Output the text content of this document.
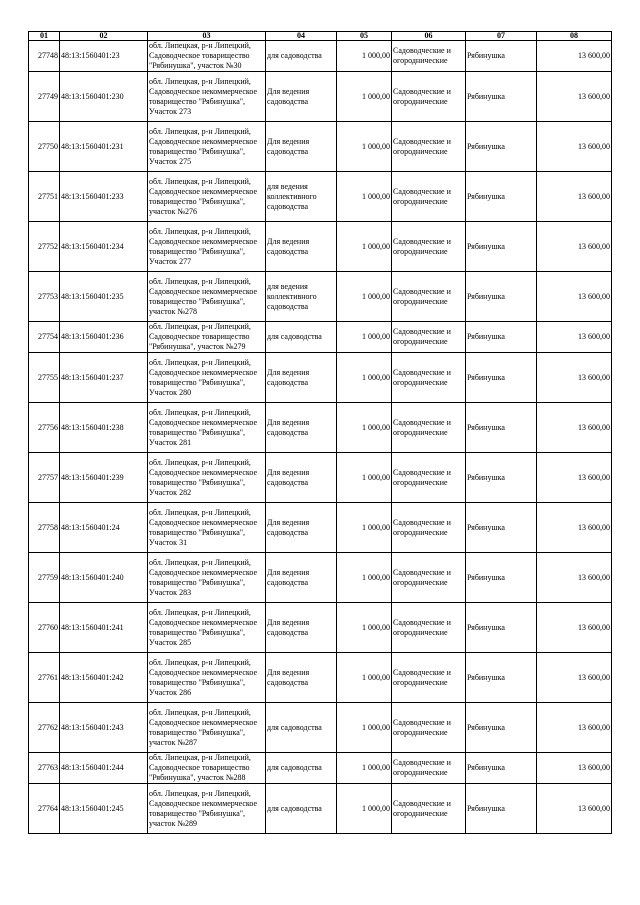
01	02	03	04	05	06	07	08
27748	48:13:1560401:23	обл. Липецкая, р-н Липецкий, Садоводческое товарищество "Рябинушка", участок №30	для садоводства	1 000,00	Садоводческие и огороднические	Рябинушка	13 600,00
27749	48:13:1560401:230	обл. Липецкая, р-н Липецкий, Садоводческое некоммерческое товарищество "Рябинушка", Участок 273	Для ведения садоводства	1 000,00	Садоводческие и огороднические	Рябинушка	13 600,00
27750	48:13:1560401:231	обл. Липецкая, р-н Липецкий, Садоводческое некоммерческое товарищество "Рябинушка", Участок 275	Для ведения садоводства	1 000,00	Садоводческие и огороднические	Рябинушка	13 600,00
27751	48:13:1560401:233	обл. Липецкая, р-н Липецкий, Садоводческое некоммерческое товарищество "Рябинушка", участок №276	для ведения коллективного садоводства	1 000,00	Садоводческие и огороднические	Рябинушка	13 600,00
27752	48:13:1560401:234	обл. Липецкая, р-н Липецкий, Садоводческое некоммерческое товарищество "Рябинушка", Участок 277	Для ведения садоводства	1 000,00	Садоводческие и огороднические	Рябинушка	13 600,00
27753	48:13:1560401:235	обл. Липецкая, р-н Липецкий, Садоводческое некоммерческое товарищество "Рябинушка", участок №278	для ведения коллективного садоводства	1 000,00	Садоводческие и огороднические	Рябинушка	13 600,00
27754	48:13:1560401:236	обл. Липецкая, р-н Липецкий, Садоводческое товарищество "Рябинушка", участок №279	для садоводства	1 000,00	Садоводческие и огороднические	Рябинушка	13 600,00
27755	48:13:1560401:237	обл. Липецкая, р-н Липецкий, Садоводческое некоммерческое товарищество "Рябинушка", Участок 280	Для ведения садоводства	1 000,00	Садоводческие и огороднические	Рябинушка	13 600,00
27756	48:13:1560401:238	обл. Липецкая, р-н Липецкий, Садоводческое некоммерческое товарищество "Рябинушка", Участок 281	Для ведения садоводства	1 000,00	Садоводческие и огороднические	Рябинушка	13 600,00
27757	48:13:1560401:239	обл. Липецкая, р-н Липецкий, Садоводческое некоммерческое товарищество "Рябинушка", Участок 282	Для ведения садоводства	1 000,00	Садоводческие и огороднические	Рябинушка	13 600,00
27758	48:13:1560401:24	обл. Липецкая, р-н Липецкий, Садоводческое некоммерческое товарищество "Рябинушка", Участок 31	Для ведения садоводства	1 000,00	Садоводческие и огороднические	Рябинушка	13 600,00
27759	48:13:1560401:240	обл. Липецкая, р-н Липецкий, Садоводческое некоммерческое товарищество "Рябинушка", Участок 283	Для ведения садоводства	1 000,00	Садоводческие и огороднические	Рябинушка	13 600,00
27760	48:13:1560401:241	обл. Липецкая, р-н Липецкий, Садоводческое некоммерческое товарищество "Рябинушка", Участок 285	Для ведения садоводства	1 000,00	Садоводческие и огороднические	Рябинушка	13 600,00
27761	48:13:1560401:242	обл. Липецкая, р-н Липецкий, Садоводческое некоммерческое товарищество "Рябинушка", Участок 286	Для ведения садоводства	1 000,00	Садоводческие и огороднические	Рябинушка	13 600,00
27762	48:13:1560401:243	обл. Липецкая, р-н Липецкий, Садоводческое некоммерческое товарищество "Рябинушка", участок №287	для садоводства	1 000,00	Садоводческие и огороднические	Рябинушка	13 600,00
27763	48:13:1560401:244	обл. Липецкая, р-н Липецкий, Садоводческое товарищество "Рябинушка", участок №288	для садоводства	1 000,00	Садоводческие и огороднические	Рябинушка	13 600,00
27764	48:13:1560401:245	обл. Липецкая, р-н Липецкий, Садоводческое некоммерческое товарищество "Рябинушка", участок №289	для садоводства	1 000,00	Садоводческие и огороднические	Рябинушка	13 600,00
